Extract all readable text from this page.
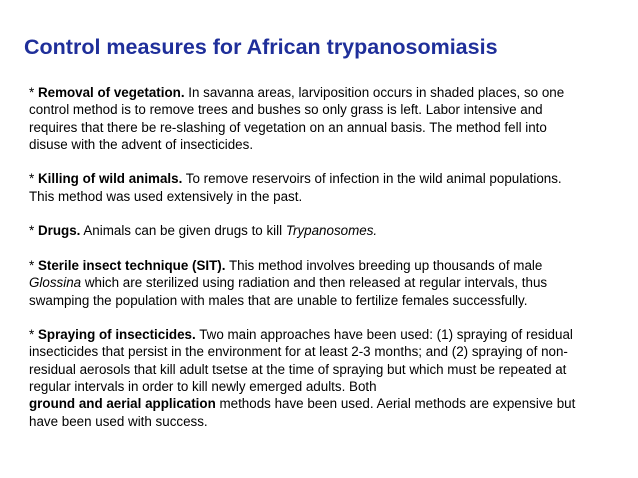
Control measures for African trypanosomiasis

* Removal of vegetation. In savanna areas, larviposition occurs in shaded places, so one control method is to remove trees and bushes so only grass is left. Labor intensive and requires that there be re-slashing of vegetation on an annual basis. The method fell into disuse with the advent of insecticides.

* Killing of wild animals. To remove reservoirs of infection in the wild animal populations. This method was used extensively in the past.

* Drugs. Animals can be given drugs to kill Trypanosomes.

* Sterile insect technique (SIT). This method involves breeding up thousands of male Glossina which are sterilized using radiation and then released at regular intervals, thus swamping the population with males that are unable to fertilize females successfully.

* Spraying of insecticides. Two main approaches have been used: (1) spraying of residual insecticides that persist in the environment for at least 2-3 months; and (2) spraying of non-residual aerosols that kill adult tsetse at the time of spraying but which must be repeated at regular intervals in order to kill newly emerged adults. Both
ground and aerial application methods have been used. Aerial methods are expensive but have been used with success.
